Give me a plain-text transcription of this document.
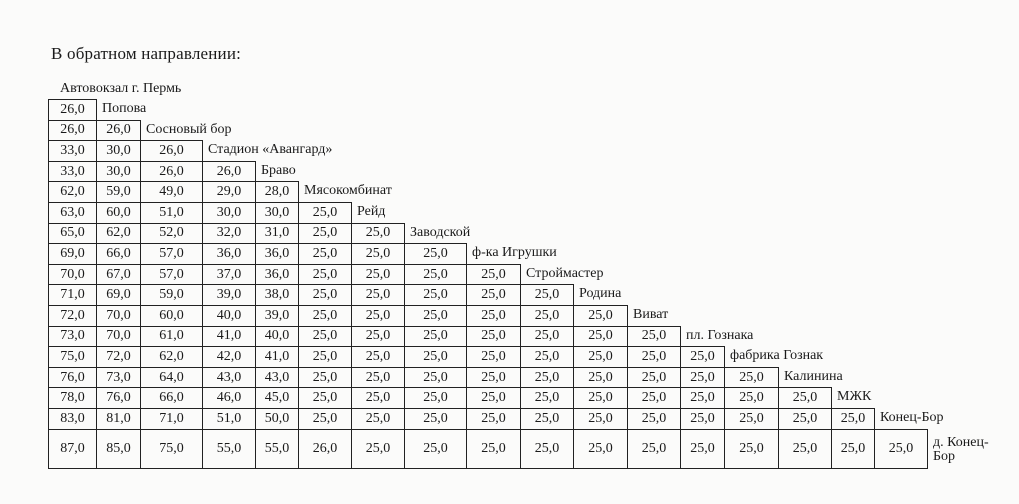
В обратном направлении:
Автовокзал г. Пермь
26,0	Попова
26,0	26,0	Сосновый бор
33,0	30,0	26,0	Стадион «Авангард»
33,0	30,0	26,0	26,0	Браво
62,0	59,0	49,0	29,0	28,0	Мясокомбинат
63,0	60,0	51,0	30,0	30,0	25,0	Рейд
65,0	62,0	52,0	32,0	31,0	25,0	25,0	Заводской
69,0	66,0	57,0	36,0	36,0	25,0	25,0	25,0	ф-ка Игрушки
70,0	67,0	57,0	37,0	36,0	25,0	25,0	25,0	25,0	Строймастер
71,0	69,0	59,0	39,0	38,0	25,0	25,0	25,0	25,0	25,0	Родина
72,0	70,0	60,0	40,0	39,0	25,0	25,0	25,0	25,0	25,0	25,0	Виват
73,0	70,0	61,0	41,0	40,0	25,0	25,0	25,0	25,0	25,0	25,0	25,0	пл. Гознака
75,0	72,0	62,0	42,0	41,0	25,0	25,0	25,0	25,0	25,0	25,0	25,0	25,0	фабрика Гознак
76,0	73,0	64,0	43,0	43,0	25,0	25,0	25,0	25,0	25,0	25,0	25,0	25,0	25,0	Калинина
78,0	76,0	66,0	46,0	45,0	25,0	25,0	25,0	25,0	25,0	25,0	25,0	25,0	25,0	25,0	МЖК
83,0	81,0	71,0	51,0	50,0	25,0	25,0	25,0	25,0	25,0	25,0	25,0	25,0	25,0	25,0	25,0	Конец-Бор
87,0	85,0	75,0	55,0	55,0	26,0	25,0	25,0	25,0	25,0	25,0	25,0	25,0	25,0	25,0	25,0	25,0	д. Конец-Бор
